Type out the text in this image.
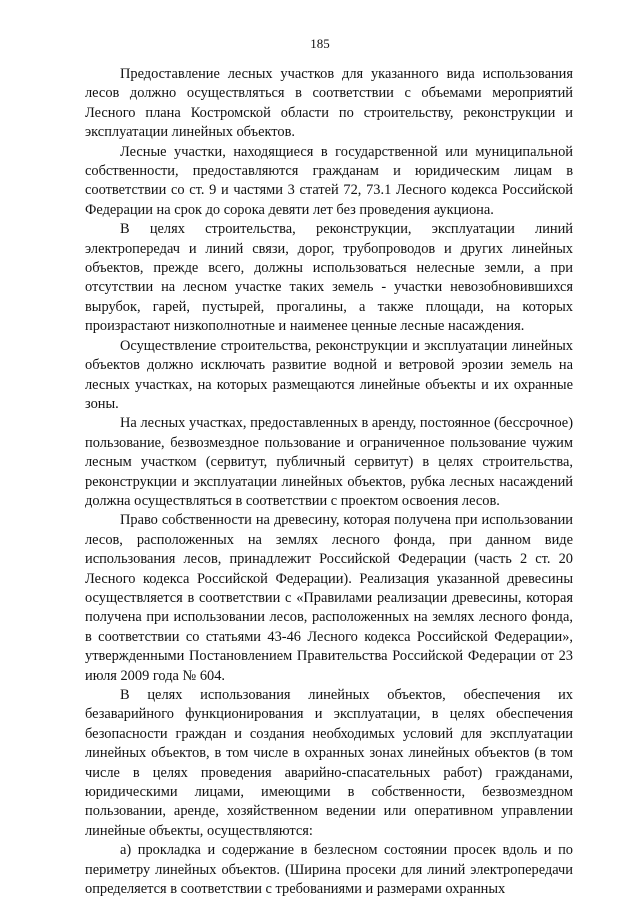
185

Предоставление лесных участков для указанного вида использования лесов должно осуществляться в соответствии с объемами мероприятий Лесного плана Костромской области по строительству, реконструкции и эксплуатации линейных объектов.

Лесные участки, находящиеся в государственной или муниципальной собственности, предоставляются гражданам и юридическим лицам в соответствии со ст. 9 и частями 3 статей 72, 73.1 Лесного кодекса Российской Федерации на срок до сорока девяти лет без проведения аукциона.

В целях строительства, реконструкции, эксплуатации линий электропередач и линий связи, дорог, трубопроводов и других линейных объектов, прежде всего, должны использоваться нелесные земли, а при отсутствии на лесном участке таких земель - участки невозобновившихся вырубок, гарей, пустырей, прогалины, а также площади, на которых произрастают низкополнотные и наименее ценные лесные насаждения.

Осуществление строительства, реконструкции и эксплуатации линейных объектов должно исключать развитие водной и ветровой эрозии земель на лесных участках, на которых размещаются линейные объекты и их охранные зоны.

На лесных участках, предоставленных в аренду, постоянное (бессрочное) пользование, безвозмездное пользование и ограниченное пользование чужим лесным участком (сервитут, публичный сервитут) в целях строительства, реконструкции и эксплуатации линейных объектов, рубка лесных насаждений должна осуществляться в соответствии с проектом освоения лесов.

Право собственности на древесину, которая получена при использовании лесов, расположенных на землях лесного фонда, при данном виде использования лесов, принадлежит Российской Федерации (часть 2 ст. 20 Лесного кодекса Российской Федерации). Реализация указанной древесины осуществляется в соответствии с «Правилами реализации древесины, которая получена при использовании лесов, расположенных на землях лесного фонда, в соответствии со статьями 43-46 Лесного кодекса Российской Федерации», утвержденными Постановлением Правительства Российской Федерации от 23 июля 2009 года № 604.

В целях использования линейных объектов, обеспечения их безаварийного функционирования и эксплуатации, в целях обеспечения безопасности граждан и создания необходимых условий для эксплуатации линейных объектов, в том числе в охранных зонах линейных объектов (в том числе в целях проведения аварийно-спасательных работ) гражданами, юридическими лицами, имеющими в собственности, безвозмездном пользовании, аренде, хозяйственном ведении или оперативном управлении линейные объекты, осуществляются:

а) прокладка и содержание в безлесном состоянии просек вдоль и по периметру линейных объектов. (Ширина просеки для линий электропередачи определяется в соответствии с требованиями и размерами охранных
